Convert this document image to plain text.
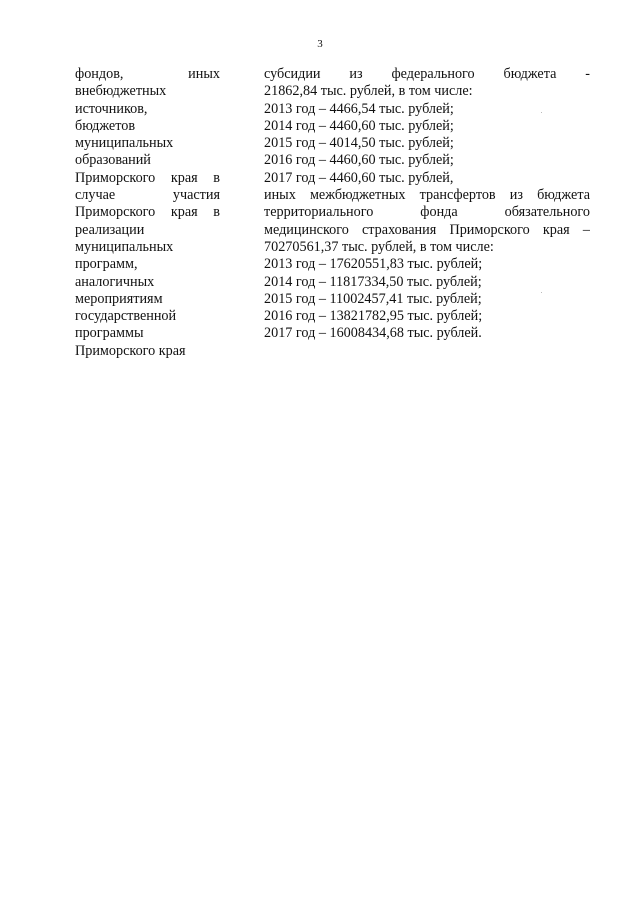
3
фондов, иных
внебюджетных
источников,
бюджетов
муниципальных
образований
Приморского края в
случае участия
Приморского края в
реализации
муниципальных
программ,
аналогичных
мероприятиям
государственной
программы
Приморского края
субсидии из федерального бюджета -
21862,84 тыс. рублей, в том числе:
2013 год – 4466,54 тыс. рублей;
2014 год – 4460,60 тыс. рублей;
2015 год – 4014,50 тыс. рублей;
2016 год – 4460,60 тыс. рублей;
2017 год – 4460,60 тыс. рублей,
иных межбюджетных трансфертов из бюджета
территориального фонда обязательного
медицинского страхования Приморского края –
70270561,37 тыс. рублей, в том числе:
2013 год – 17620551,83 тыс. рублей;
2014 год – 11817334,50 тыс. рублей;
2015 год – 11002457,41 тыс. рублей;
2016 год – 13821782,95 тыс. рублей;
2017 год – 16008434,68 тыс. рублей.
